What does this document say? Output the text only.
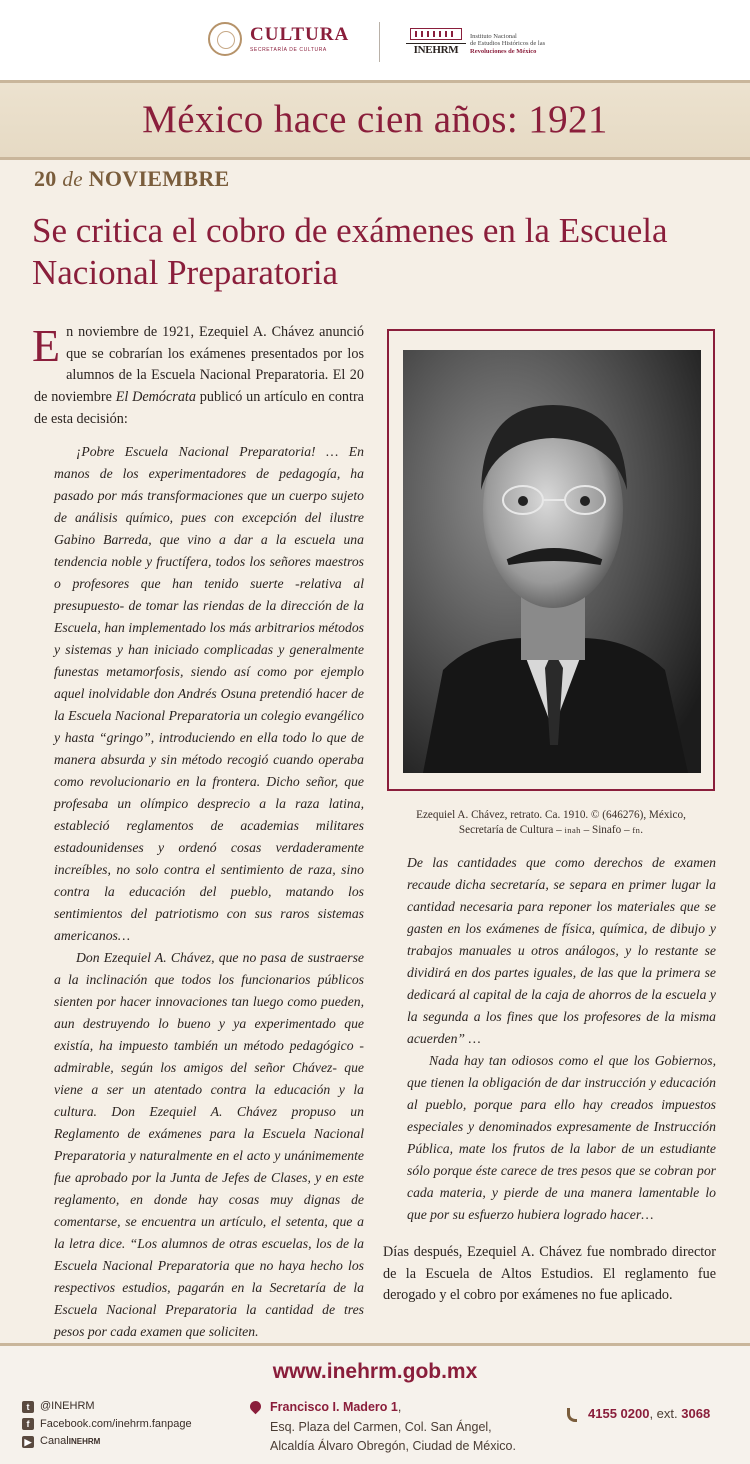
CULTURA
SECRETARÍA DE CULTURA	INEHRM
Instituto Nacional
de Estudios Históricos de las
Revoluciones de México
México hace cien años: 1921
20 de NOVIEMBRE
Se critica el cobro de exámenes en la Escuela Nacional Preparatoria

En noviembre de 1921, Ezequiel A. Chávez anunció que se cobrarían los exámenes presentados por los alumnos de la Escuela Nacional Preparatoria. El 20 de noviembre El Demócrata publicó un artículo en contra de esta decisión:

¡Pobre Escuela Nacional Preparatoria! … En manos de los experimentadores de pedagogía, ha pasado por más transformaciones que un cuerpo sujeto de análisis químico, pues con excepción del ilustre Gabino Barreda, que vino a dar a la escuela una tendencia noble y fructífera, todos los señores maestros o profesores que han tenido suerte -relativa al presupuesto- de tomar las riendas de la dirección de la Escuela, han implementado los más arbitrarios métodos y sistemas y han iniciado complicadas y generalmente funestas metamorfosis, siendo así como por ejemplo aquel inolvidable don Andrés Osuna pretendió hacer de la Escuela Nacional Preparatoria un colegio evangélico y hasta “gringo”, introduciendo en ella todo lo que de manera absurda y sin método recogió cuando operaba como revolucionario en la frontera. Dicho señor, que profesaba un olímpico desprecio a la raza latina, estableció reglamentos de academias militares estadounidenses y ordenó cosas verdaderamente increíbles, no solo contra el sentimiento de raza, sino contra la educación del pueblo, matando los sentimientos del patriotismo con sus raros sistemas americanos…

Don Ezequiel A. Chávez, que no pasa de sustraerse a la inclinación que todos los funcionarios públicos sienten por hacer innovaciones tan luego como pueden, aun destruyendo lo bueno y ya experimentado que existía, ha impuesto también un método pedagógico -admirable, según los amigos del señor Chávez- que viene a ser un atentado contra la educación y la cultura. Don Ezequiel A. Chávez propuso un Reglamento de exámenes para la Escuela Nacional Preparatoria y naturalmente en el acto y unánimemente fue aprobado por la Junta de Jefes de Clases, y en este reglamento, en donde hay cosas muy dignas de comentarse, se encuentra un artículo, el setenta, que a la letra dice. “Los alumnos de otras escuelas, los de la Escuela Nacional Preparatoria que no haya hecho los respectivos estudios, pagarán en la Secretaría de la Escuela Nacional Preparatoria la cantidad de tres pesos por cada examen que soliciten.

Ezequiel A. Chávez, retrato. Ca. 1910. © (646276), México,
Secretaría de Cultura – inah – Sinafo – fn.

De las cantidades que como derechos de examen recaude dicha secretaría, se separa en primer lugar la cantidad necesaria para reponer los materiales que se gasten en los exámenes de física, química, de dibujo y trabajos manuales u otros análogos, y lo restante se dividirá en dos partes iguales, de las que la primera se dedicará al capital de la caja de ahorros de la escuela y la segunda a los fines que los profesores de la misma acuerden” …

Nada hay tan odiosos como el que los Gobiernos, que tienen la obligación de dar instrucción y educación al pueblo, porque para ello hay creados impuestos especiales y denominados expresamente de Instrucción Pública, mate los frutos de la labor de un estudiante sólo porque éste carece de tres pesos que se cobran por cada materia, y pierde de una manera lamentable lo que por su esfuerzo hubiera logrado hacer…

Días después, Ezequiel A. Chávez fue nombrado director de la Escuela de Altos Estudios. El reglamento fue derogado y el cobro por exámenes no fue aplicado.

www.inehrm.gob.mx
t @INEHRM
f Facebook.com/inehrm.fanpage
▶ Canal INEHRM
Francisco I. Madero 1,
Esq. Plaza del Carmen, Col. San Ángel,
Alcaldía Álvaro Obregón, Ciudad de México.
4155 0200, ext. 3068
